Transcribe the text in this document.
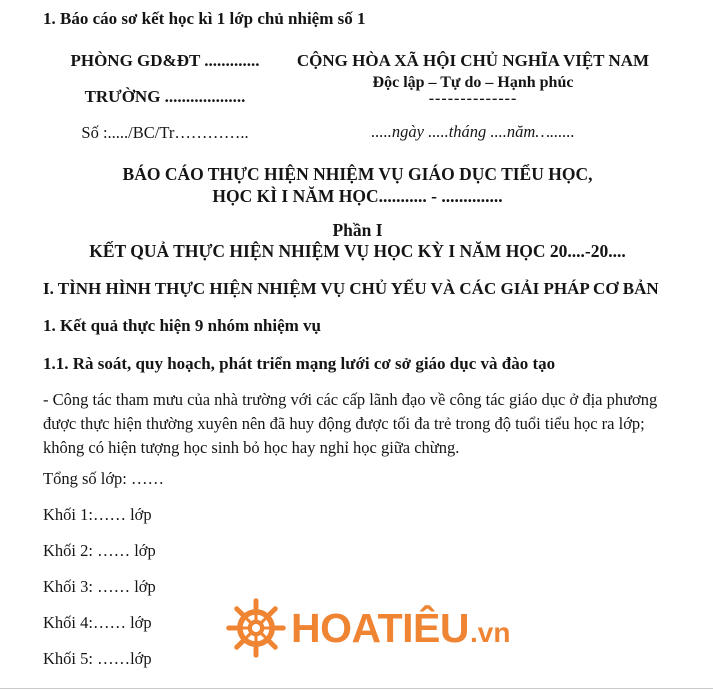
1. Báo cáo sơ kết học kì 1 lớp chủ nhiệm số 1
PHÒNG GD&ĐT .............
TRƯỜNG ...................
Số :...../BC/Tr…………..
CỘNG HÒA XÃ HỘI CHỦ NGHĨA VIỆT NAM
Độc lập – Tự do – Hạnh phúc
--------------
.....ngày .....tháng ....năm…......
BÁO CÁO THỰC HIỆN NHIỆM VỤ GIÁO DỤC TIỂU HỌC,
HỌC KÌ I NĂM HỌC........... - ..............
Phần I
KẾT QUẢ THỰC HIỆN NHIỆM VỤ HỌC KỲ I NĂM HỌC 20....-20....
I. TÌNH HÌNH THỰC HIỆN NHIỆM VỤ CHỦ YẾU VÀ CÁC GIẢI PHÁP CƠ BẢN
1. Kết quả thực hiện 9 nhóm nhiệm vụ
1.1. Rà soát, quy hoạch, phát triển mạng lưới cơ sở giáo dục và đào tạo
- Công tác tham mưu của nhà trường với các cấp lãnh đạo về công tác giáo dục ở địa phương được thực hiện thường xuyên nên đã huy động được tối đa trẻ trong độ tuổi tiểu học ra lớp; không có hiện tượng học sinh bỏ học hay nghỉ học giữa chừng.
Tổng số lớp: ……
Khối 1:…… lớp
Khối 2: …… lớp
Khối 3: …… lớp
Khối 4:…… lớp
Khối 5: ……lớp
HOATIÊU .vn
